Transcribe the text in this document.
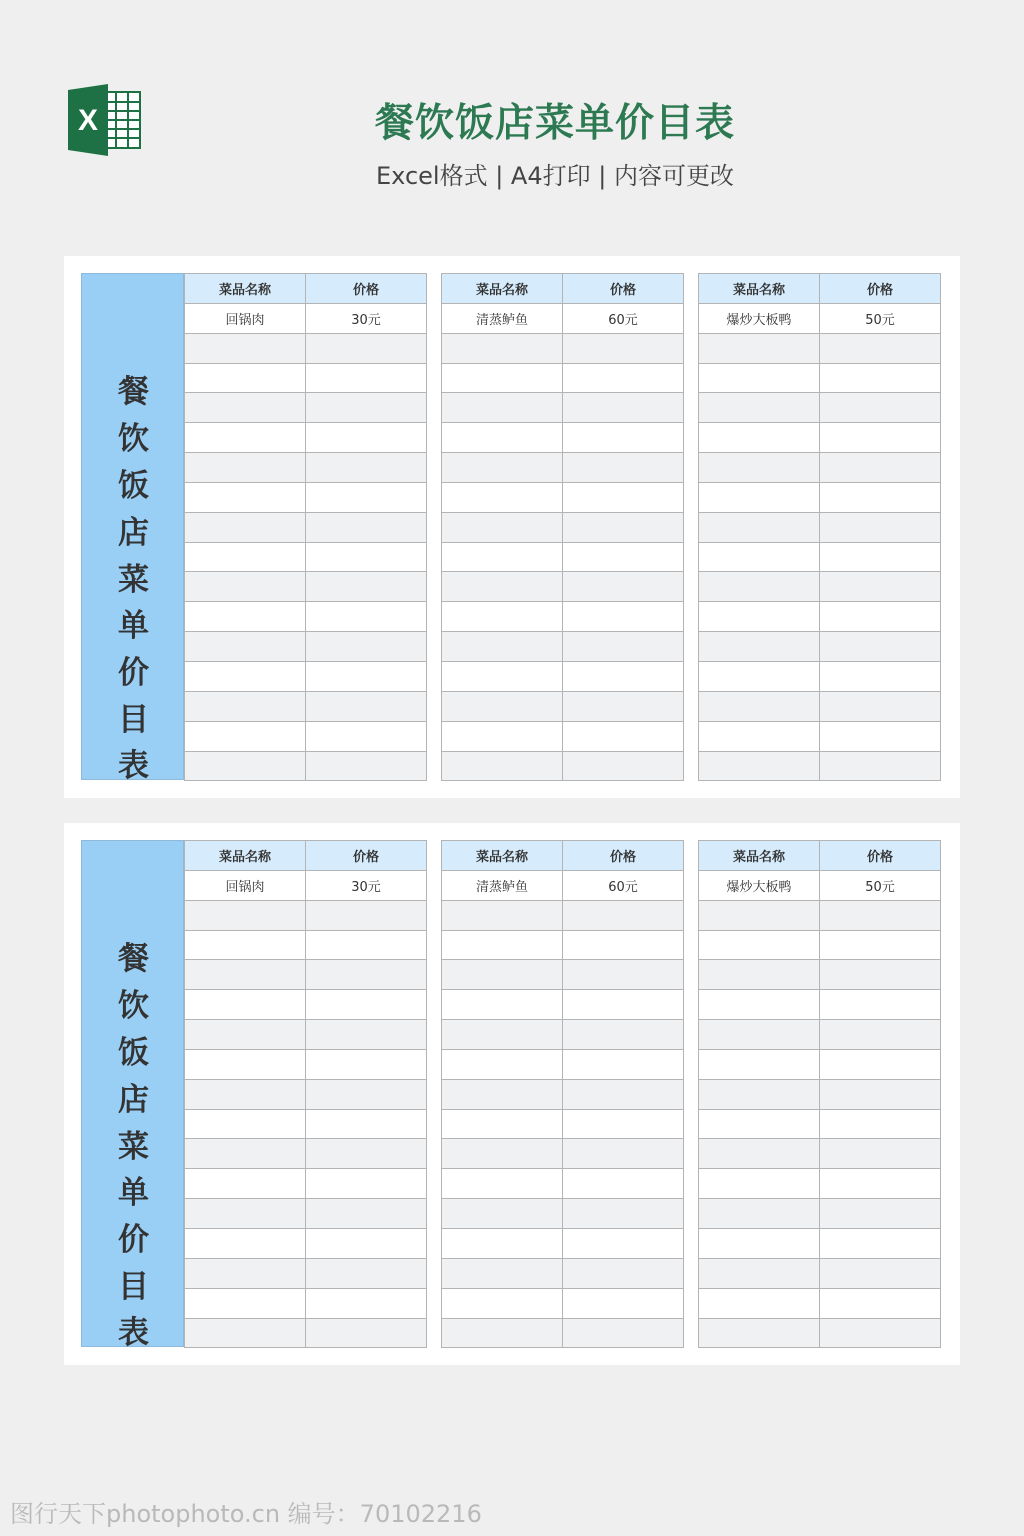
X	餐饮饭店菜单价目表
Excel格式 | A4打印 | 内容可更改
餐
饮
饭
店
菜
单
价
目
表
菜品名称	价格
回锅肉	30元

菜品名称	价格
清蒸鲈鱼	60元

菜品名称	价格
爆炒大板鸭	50元

餐
饮
饭
店
菜
单
价
目
表
菜品名称	价格
回锅肉	30元

菜品名称	价格
清蒸鲈鱼	60元

菜品名称	价格
爆炒大板鸭	50元

图行天下photophoto.cn 编号：70102216
